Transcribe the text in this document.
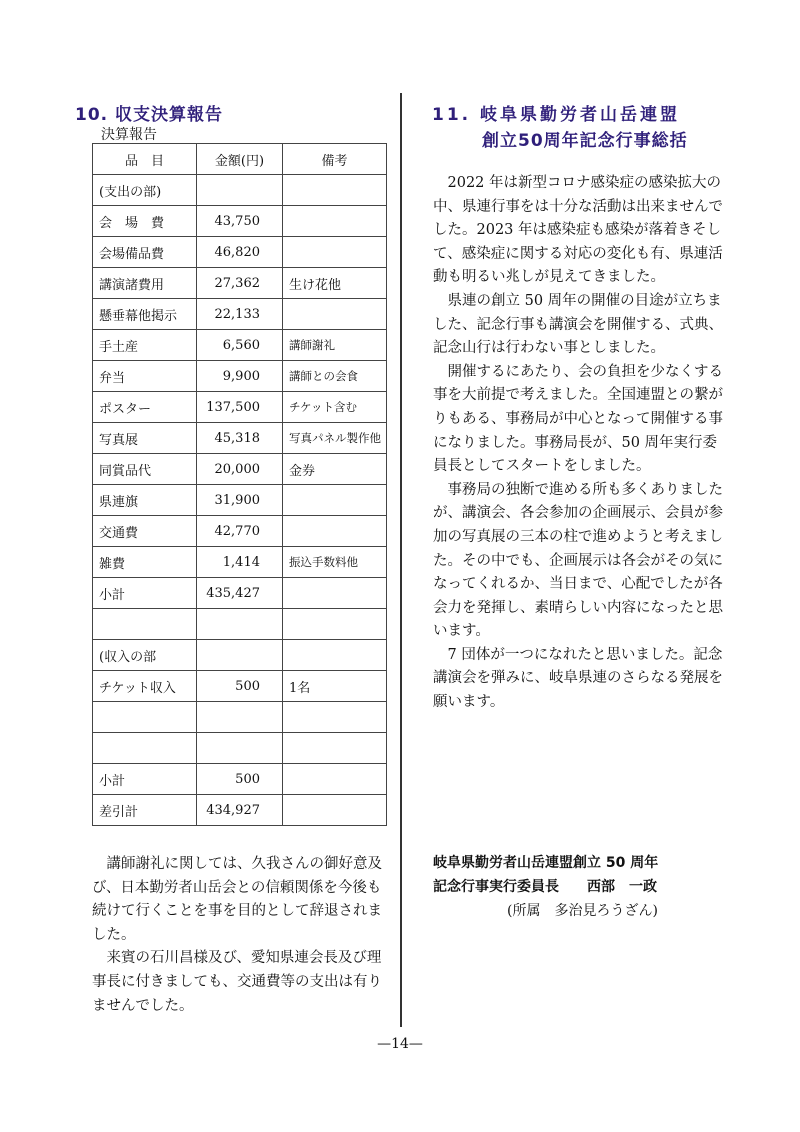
10. 収支決算報告
決算報告
品　目	金額(円)	備考
(支出の部)		
会　場　費	43,750	
会場備品費	46,820	
講演諸費用	27,362	生け花他
懸垂幕他掲示	22,133	
手土産	6,560	講師謝礼
弁当	9,900	講師との会食
ポスター	137,500	チケット含む
写真展	45,318	写真パネル製作他
同賞品代	20,000	金券
県連旗	31,900	
交通費	42,770	
雑費	1,414	振込手数料他
小計	435,427	

(収入の部		
チケット収入	500	1名

小計	500	
差引計	434,927	

講師謝礼に関しては、久我さんの御好意及び、日本勤労者山岳会との信頼関係を今後も続けて行くことを事を目的として辞退されました。

来賓の石川昌様及び、愛知県連会長及び理事長に付きましても、交通費等の支出は有りませんでした。

11. 岐阜県勤労者山岳連盟
創立50周年記念行事総括

2022 年は新型コロナ感染症の感染拡大の中、県連行事をは十分な活動は出来ませんでした。2023 年は感染症も感染が落着きそして、感染症に関する対応の変化も有、県連活動も明るい兆しが見えてきました。

県連の創立 50 周年の開催の目途が立ちました、記念行事も講演会を開催する、式典、記念山行は行わない事としました。

開催するにあたり、会の負担を少なくする事を大前提で考えました。全国連盟との繋がりもある、事務局が中心となって開催する事になりました。事務局長が、50 周年実行委員長としてスタートをしました。

事務局の独断で進める所も多くありましたが、講演会、各会参加の企画展示、会員が参加の写真展の三本の柱で進めようと考えました。その中でも、企画展示は各会がその気になってくれるか、当日まで、心配でしたが各会力を発揮し、素晴らしい内容になったと思います。

7 団体が一つになれたと思いました。記念講演会を弾みに、岐阜県連のさらなる発展を願います。

岐阜県勤労者山岳連盟創立 50 周年
記念行事実行委員長　　西部　一政
(所属　多治見ろうざん)
—14—
